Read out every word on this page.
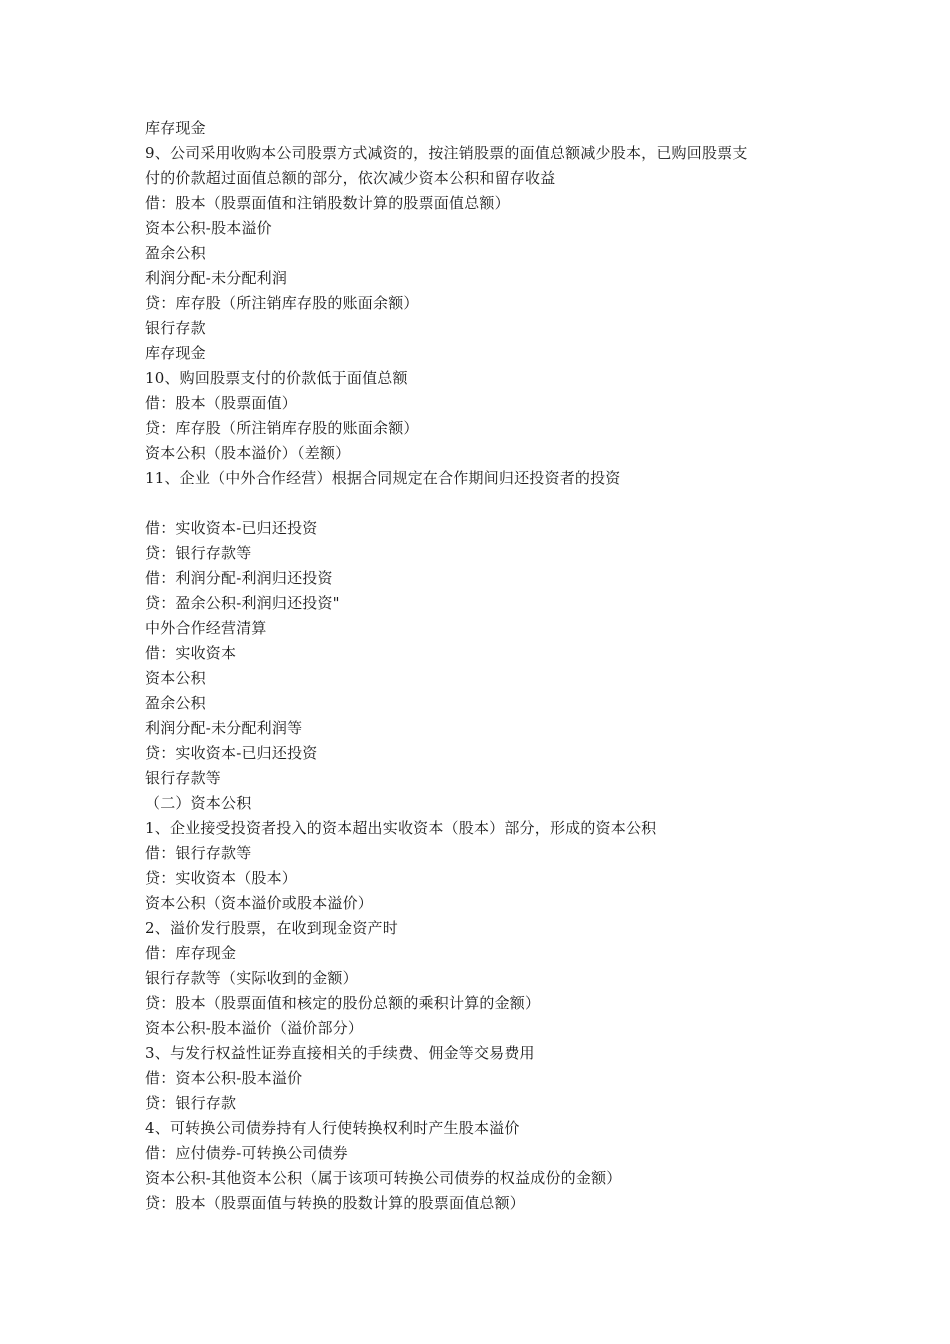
库存现金
9、公司采用收购本公司股票方式减资的，按注销股票的面值总额减少股本，已购回股票支
付的价款超过面值总额的部分，依次减少资本公积和留存收益
借：股本（股票面值和注销股数计算的股票面值总额）
资本公积-股本溢价
盈余公积
利润分配-未分配利润
贷：库存股（所注销库存股的账面余额）
银行存款
库存现金
10、购回股票支付的价款低于面值总额
借：股本（股票面值）
贷：库存股（所注销库存股的账面余额）
资本公积（股本溢价）（差额）
11、企业（中外合作经营）根据合同规定在合作期间归还投资者的投资
借：实收资本-已归还投资
贷：银行存款等
借：利润分配-利润归还投资
贷：盈余公积-利润归还投资"
中外合作经营清算
借：实收资本
资本公积
盈余公积
利润分配-未分配利润等
贷：实收资本-已归还投资
银行存款等
（二）资本公积
1、企业接受投资者投入的资本超出实收资本（股本）部分，形成的资本公积
借：银行存款等
贷：实收资本（股本）
资本公积（资本溢价或股本溢价）
2、溢价发行股票，在收到现金资产时
借：库存现金
银行存款等（实际收到的金额）
贷：股本（股票面值和核定的股份总额的乘积计算的金额）
资本公积-股本溢价（溢价部分）
3、与发行权益性证券直接相关的手续费、佣金等交易费用
借：资本公积-股本溢价
贷：银行存款
4、可转换公司债券持有人行使转换权利时产生股本溢价
借：应付债券-可转换公司债券
资本公积-其他资本公积（属于该项可转换公司债券的权益成份的金额）
贷：股本（股票面值与转换的股数计算的股票面值总额）
